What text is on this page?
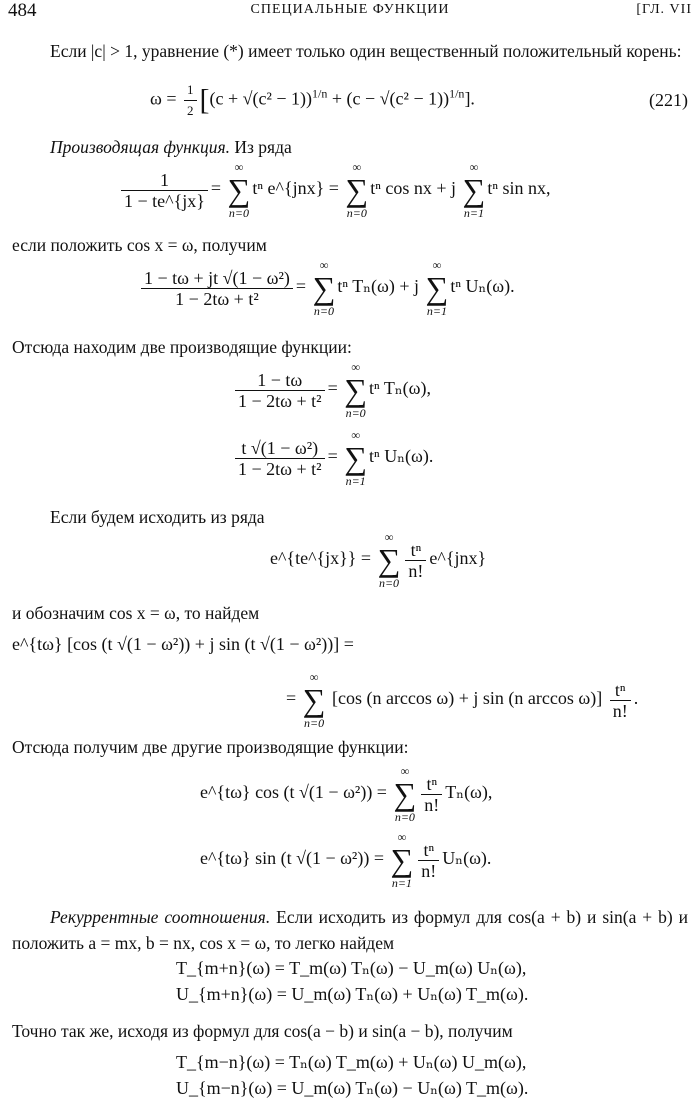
484	СПЕЦИАЛЬНЫЕ ФУНКЦИИ	[ГЛ. VII
Если |c| > 1, уравнение (*) имеет только один вещественный положительный корень:
$\omega = \frac{1}{2} [(c + √(c^2 - 1))^{1/n} + (c - √(c^2 - 1))^{1/n}]$.	(221)
Производящая функция. Из ряда
$\frac{1}{1 - te\^{}\{jx\}}$ =
∞
∑
n=0
tⁿ e^{jnx} =
∞
∑
n=0
tⁿ cos nx + j
∞
∑
n=1
tⁿ sin nx,
если положить cos x = ω, получим
$\frac{\text{1 − tω + jt √(1 − ω²)}}{\text{1 − 2tω + t²}}$ =
∞
∑
n=0
tⁿ Tₙ(ω) + j
∞
∑
n=1
tⁿ Uₙ(ω).
Отсюда находим две производящие функции:
$\frac{1 - t\omega}{\text{1 − 2tω + t²}}$ =
∞
∑
n=0
tⁿ Tₙ(ω),
$\frac{\text{t √(1 − ω²)}}{\text{1 − 2tω + t²}}$ =
∞
∑
n=1
tⁿ Uₙ(ω).
Если будем исходить из ряда
e^{te^{jx}} =
∞
∑
n=0
$\frac{\text{tⁿ}}{n!}$ e^{jnx}
и обозначим cos x = ω, то найдем
e^{tω} [cos (t √(1 − ω²)) + j sin (t √(1 − ω²))] =
=
∞
∑
n=0
[cos (n arccos ω) + j sin (n $\arccos \omega)] \frac{\text{tⁿ}}{n!}$ .
Отсюда получим две другие производящие функции:
e^{tω} cos (t √(1 − ω²)) =
∞
∑
n=0
$\frac{\text{tⁿ}}{n!} T_n(\omega)$,
e^{tω} sin (t √(1 − ω²)) =
∞
∑
n=1
$\frac{\text{tⁿ}}{n!} U_n(\omega)$.
Рекуррентные соотношения. Если исходить из формул для cos(a + b) и sin(a + b) и положить a = mx, b = nx, cos x = ω, то легко найдем
T_{m+n}(ω) = T_m(ω) Tₙ(ω) − U_m(ω) Uₙ(ω),
U_{m+n}(ω) = U_m(ω) Tₙ(ω) + Uₙ(ω) T_m(ω).
Точно так же, исходя из формул для cos(a − b) и sin(a − b), получим
T_{m−n}(ω) = Tₙ(ω) T_m(ω) + Uₙ(ω) U_m(ω),
U_{m−n}(ω) = U_m(ω) Tₙ(ω) − Uₙ(ω) T_m(ω).
